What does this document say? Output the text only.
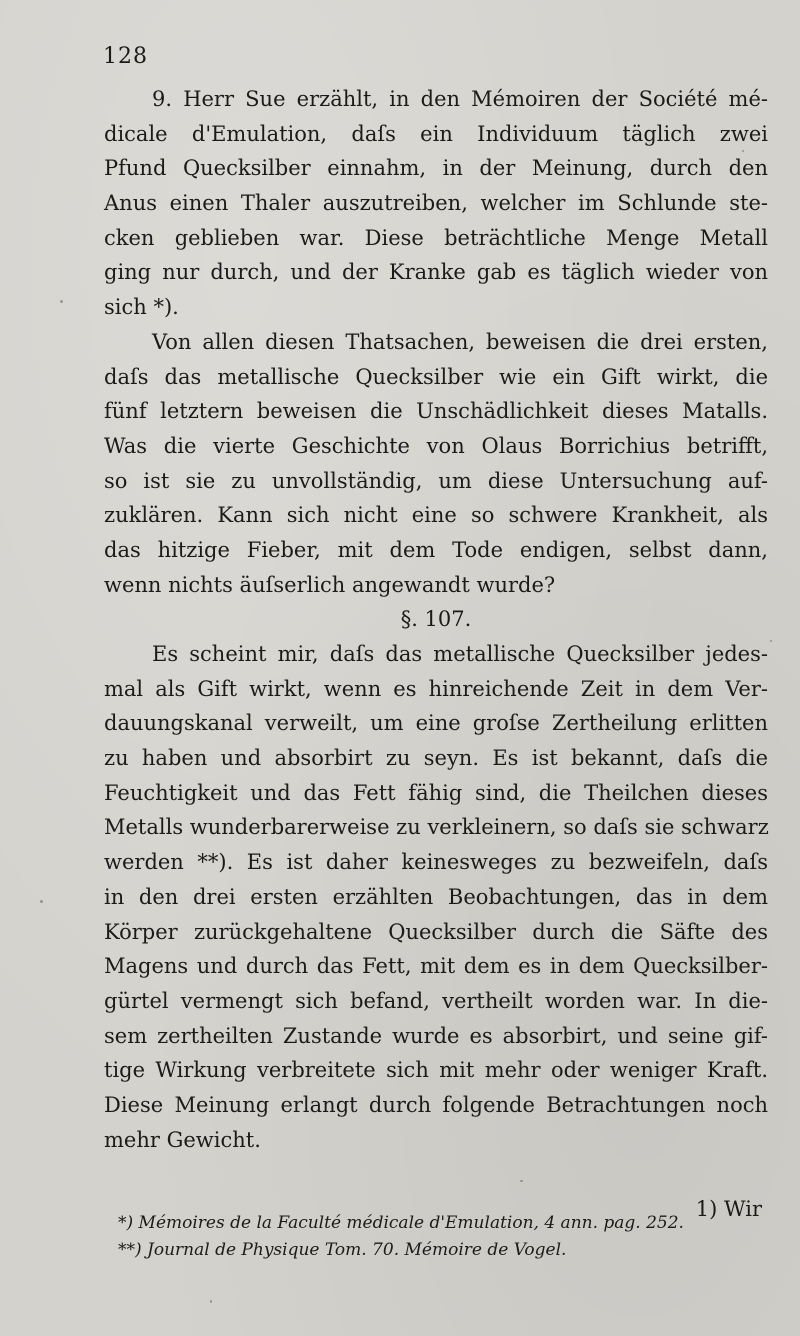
128
9. Herr Sue erzählt, in den Mémoiren der Société mé-
dicale d'Emulation, daſs ein Individuum täglich zwei
Pfund Quecksilber einnahm, in der Meinung, durch den
Anus einen Thaler auszutreiben, welcher im Schlunde ste-
cken geblieben war. Diese beträchtliche Menge Metall
ging nur durch, und der Kranke gab es täglich wieder von
sich *).
Von allen diesen Thatsachen, beweisen die drei ersten,
daſs das metallische Quecksilber wie ein Gift wirkt, die
fünf letztern beweisen die Unschädlichkeit dieses Matalls.
Was die vierte Geschichte von Olaus Borrichius betrifft,
so ist sie zu unvollständig, um diese Untersuchung auf-
zuklären. Kann sich nicht eine so schwere Krankheit, als
das hitzige Fieber, mit dem Tode endigen, selbst dann,
wenn nichts äuſserlich angewandt wurde?
§. 107.
Es scheint mir, daſs das metallische Quecksilber jedes-
mal als Gift wirkt, wenn es hinreichende Zeit in dem Ver-
dauungskanal verweilt, um eine groſse Zertheilung erlitten
zu haben und absorbirt zu seyn. Es ist bekannt, daſs die
Feuchtigkeit und das Fett fähig sind, die Theilchen dieses
Metalls wunderbarerweise zu verkleinern, so daſs sie schwarz
werden **). Es ist daher keinesweges zu bezweifeln, daſs
in den drei ersten erzählten Beobachtungen, das in dem
Körper zurückgehaltene Quecksilber durch die Säfte des
Magens und durch das Fett, mit dem es in dem Quecksilber-
gürtel vermengt sich befand, vertheilt worden war. In die-
sem zertheilten Zustande wurde es absorbirt, und seine gif-
tige Wirkung verbreitete sich mit mehr oder weniger Kraft.
Diese Meinung erlangt durch folgende Betrachtungen noch
mehr Gewicht.
1) Wir
*) Mémoires de la Faculté médicale d'Emulation, 4 ann. pag. 252.
**) Journal de Physique Tom. 70. Mémoire de Vogel.
